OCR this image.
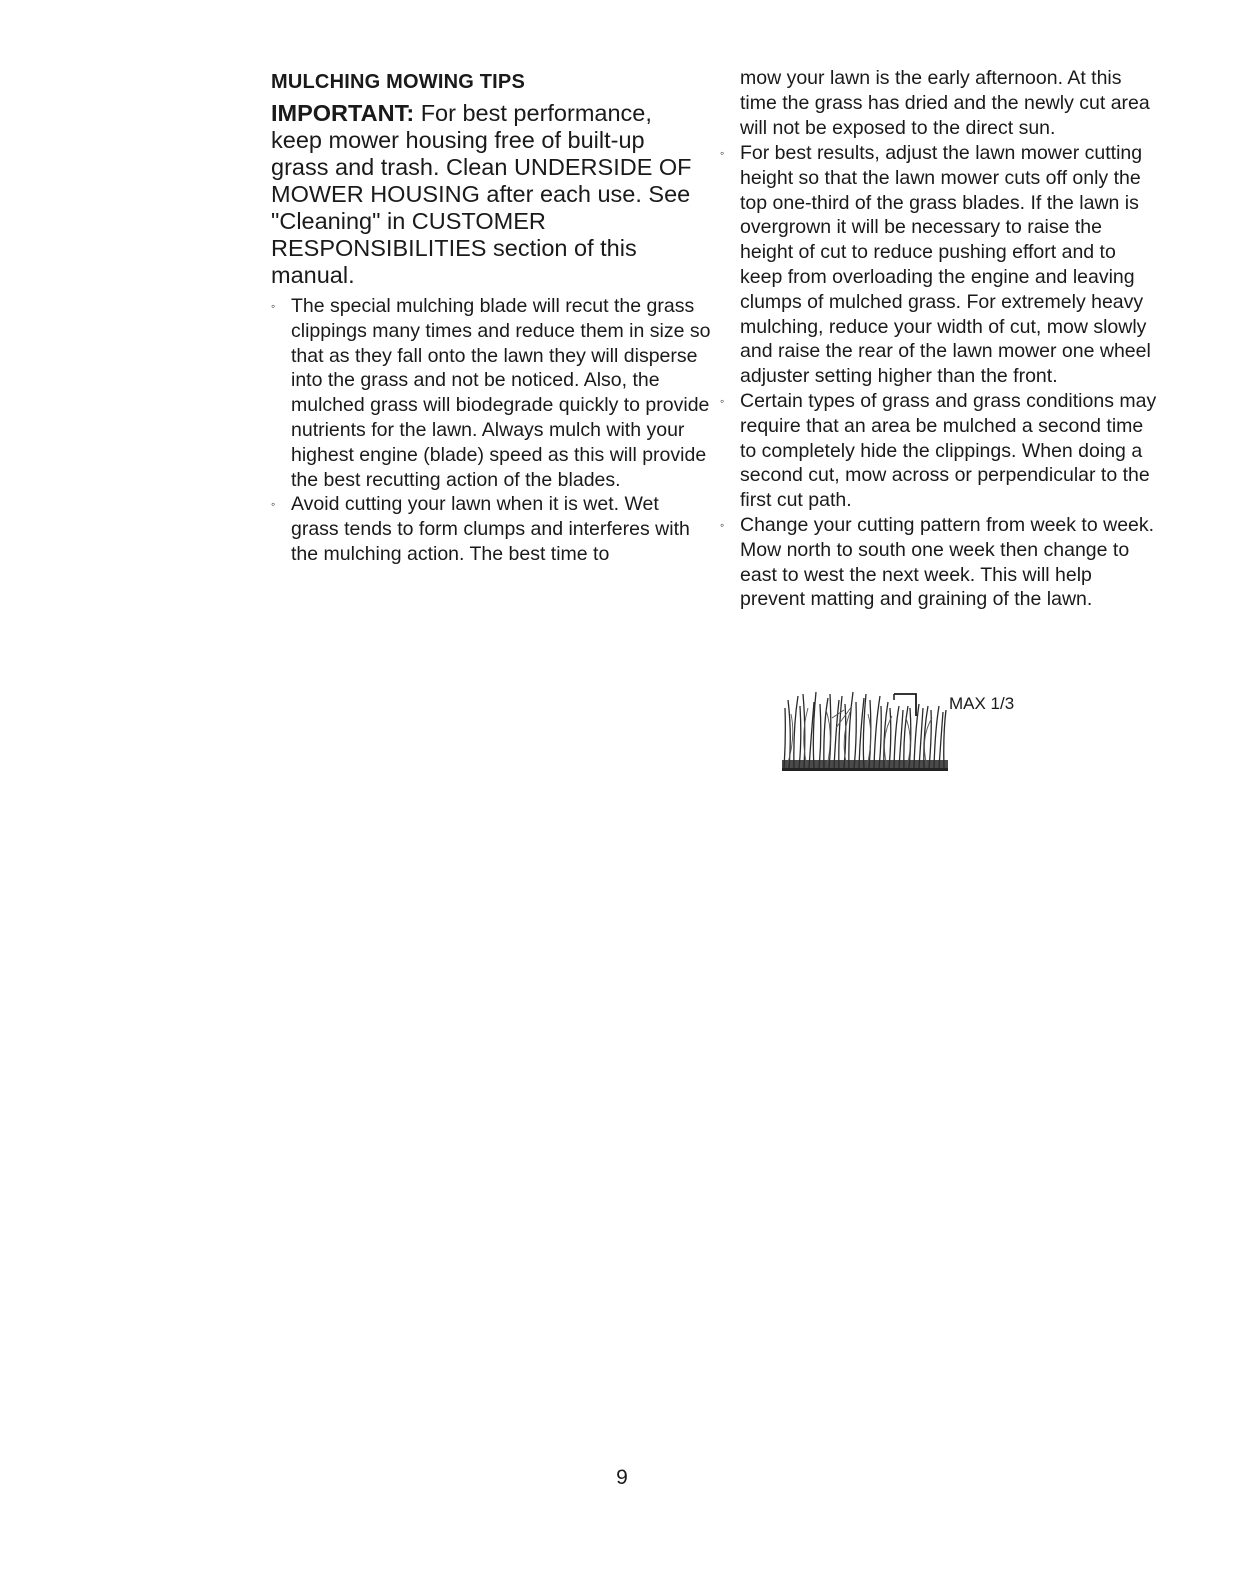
MULCHING MOWING TIPS
IMPORTANT: For best performance, keep mower housing free of built-up grass and trash. Clean UNDERSIDE OF MOWER HOUSING after each use. See "Cleaning" in CUSTOMER RESPONSIBILITIES section of this manual.
◦ The special mulching blade will recut the grass clippings many times and reduce them in size so that as they fall onto the lawn they will disperse into the grass and not be noticed. Also, the mulched grass will biodegrade quickly to provide nutrients for the lawn. Always mulch with your highest engine (blade) speed as this will provide the best recutting action of the blades.
◦ Avoid cutting your lawn when it is wet. Wet grass tends to form clumps and interferes with the mulching action. The best time to
mow your lawn is the early afternoon. At this time the grass has dried and the newly cut area will not be exposed to the direct sun.
◦ For best results, adjust the lawn mower cutting height so that the lawn mower cuts off only the top one-third of the grass blades. If the lawn is overgrown it will be necessary to raise the height of cut to reduce pushing effort and to keep from overloading the engine and leaving clumps of mulched grass. For extremely heavy mulching, reduce your width of cut, mow slowly and raise the rear of the lawn mower one wheel adjuster setting higher than the front.
◦ Certain types of grass and grass conditions may require that an area be mulched a second time to completely hide the clippings. When doing a second cut, mow across or perpendicular to the first cut path.
◦ Change your cutting pattern from week to week. Mow north to south one week then change to east to west the next week. This will help prevent matting and graining of the lawn.
MAX 1/3
9
